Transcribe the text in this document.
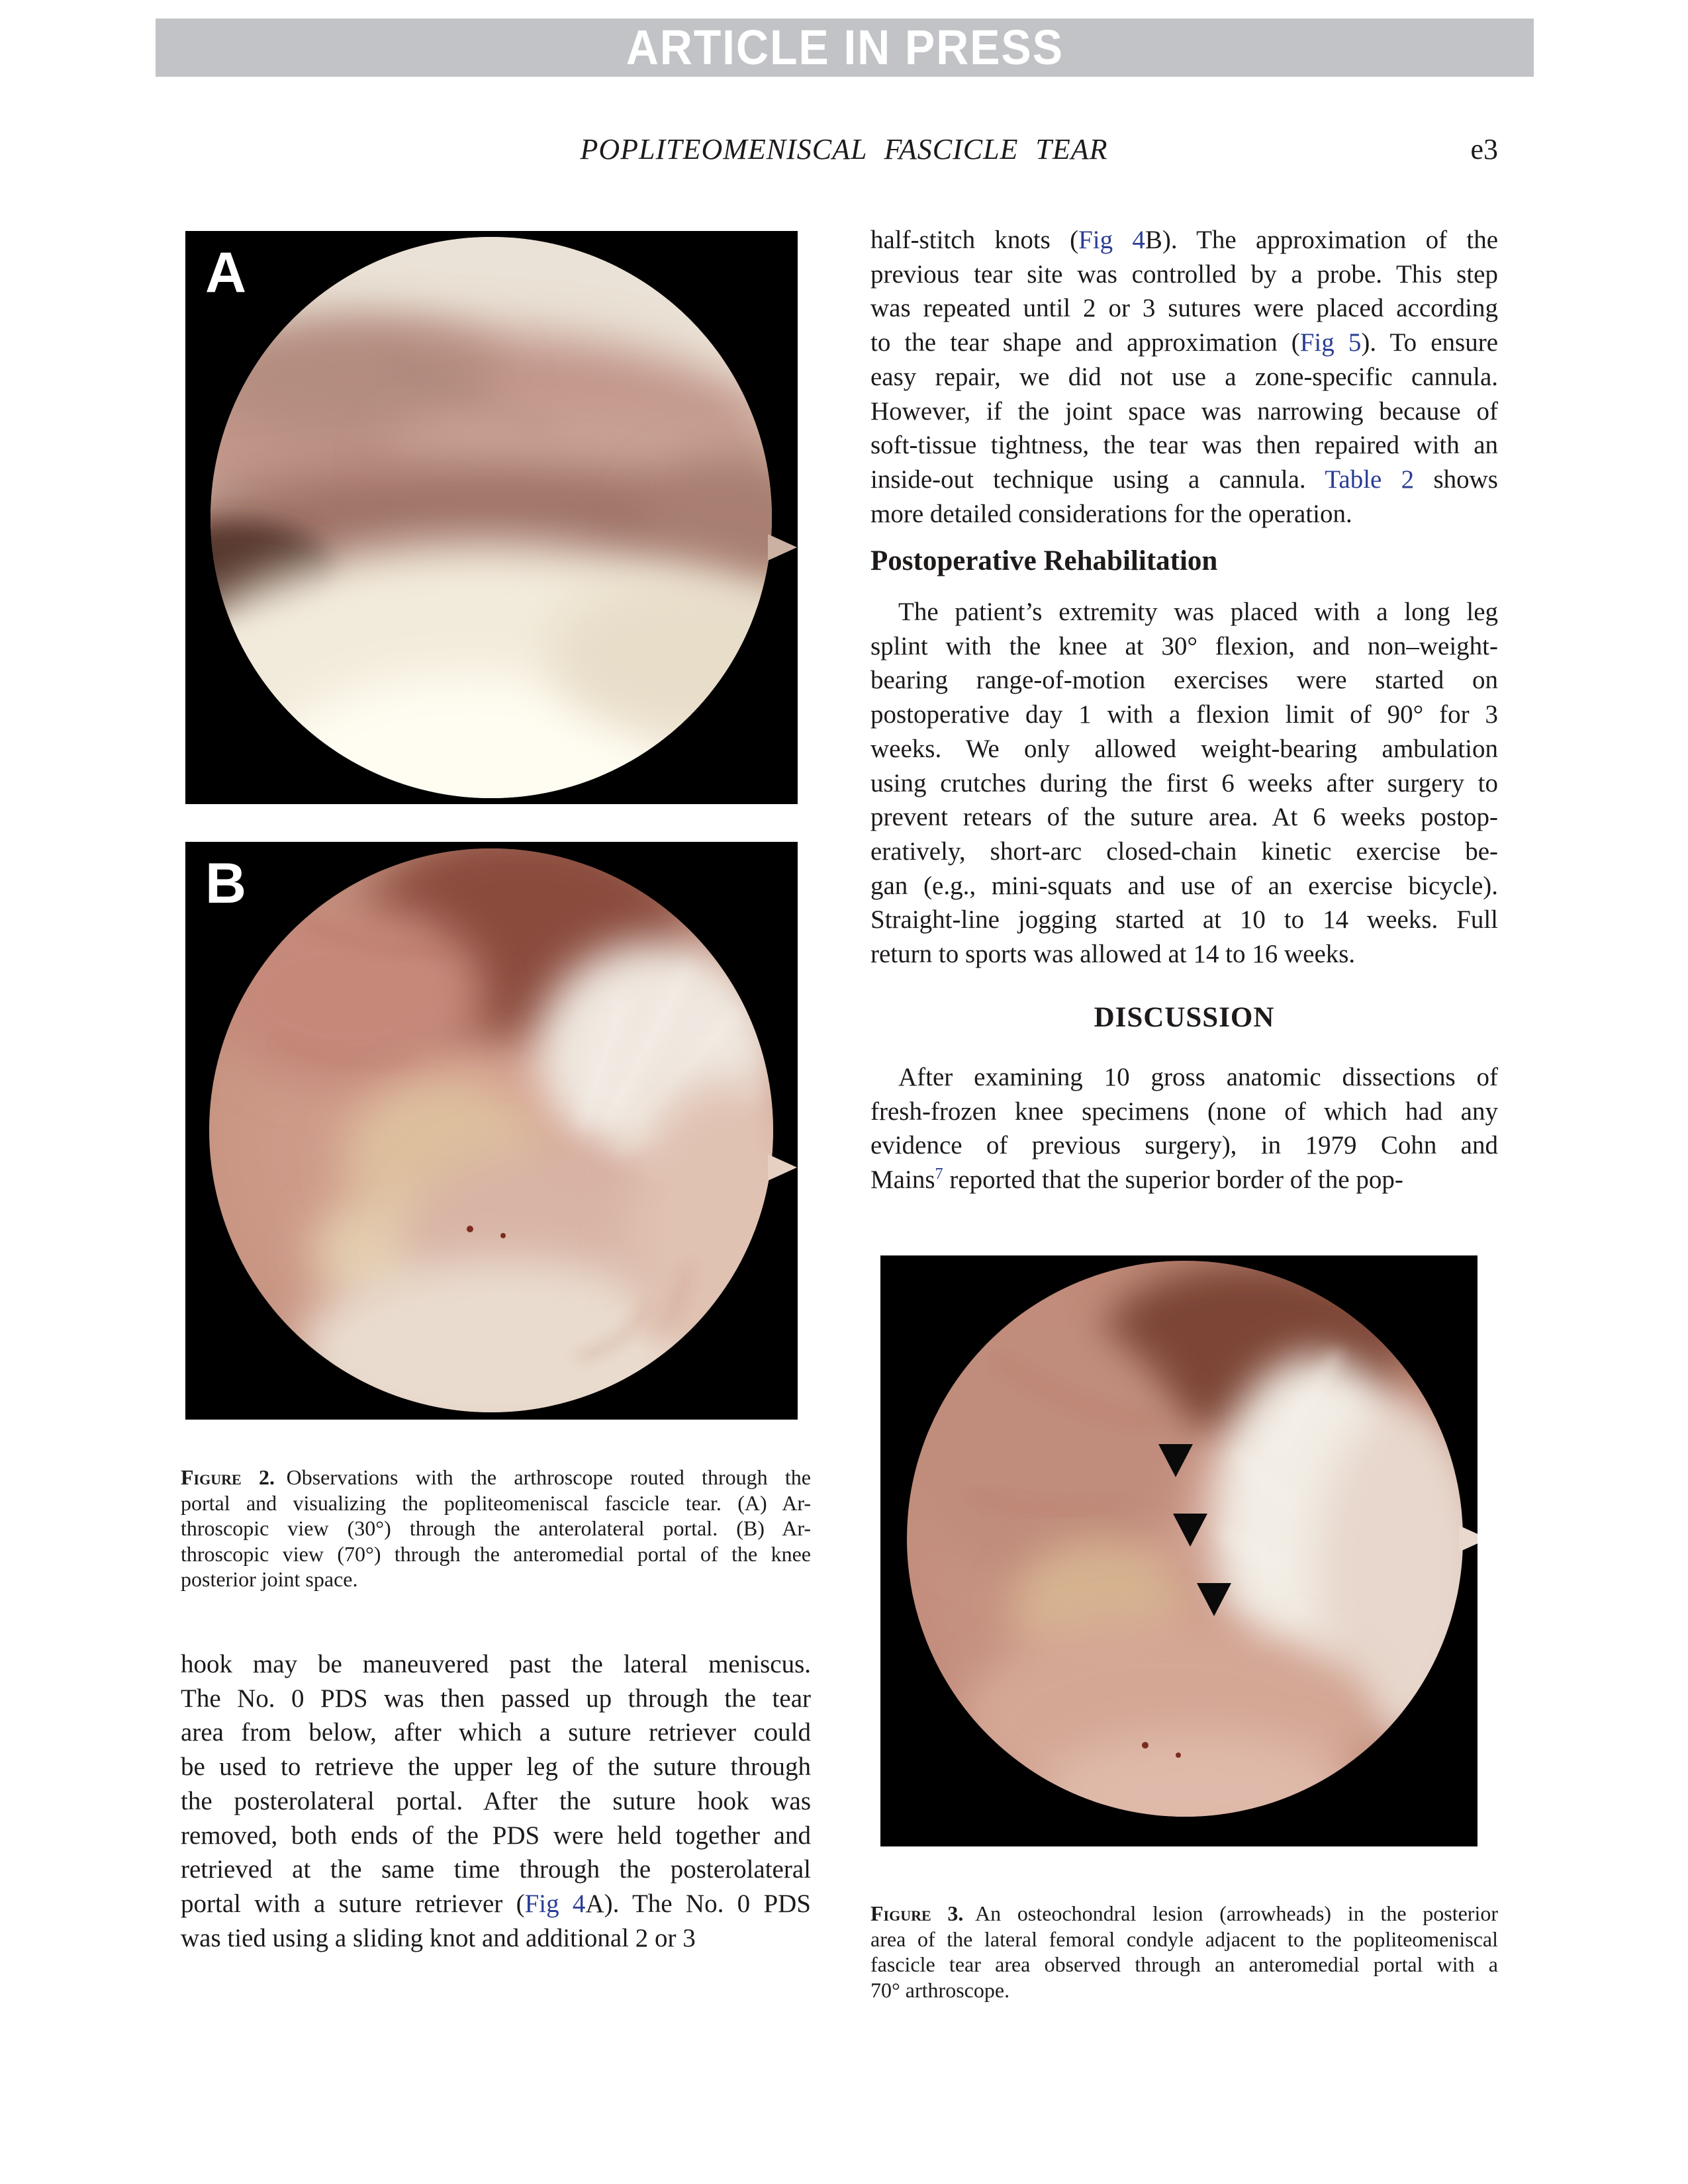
ARTICLE IN PRESS
POPLITEOMENISCAL FASCICLE TEAR	e3
A
B
Figure 2. Observations with the arthroscope routed through the
portal and visualizing the popliteomeniscal fascicle tear. (A) Ar-
throscopic view (30°) through the anterolateral portal. (B) Ar-
throscopic view (70°) through the anteromedial portal of the knee
posterior joint space.
hook may be maneuvered past the lateral meniscus.
The No. 0 PDS was then passed up through the tear
area from below, after which a suture retriever could
be used to retrieve the upper leg of the suture through
the posterolateral portal. After the suture hook was
removed, both ends of the PDS were held together and
retrieved at the same time through the posterolateral
portal with a suture retriever (Fig 4A). The No. 0 PDS
was tied using a sliding knot and additional 2 or 3
half-stitch knots (Fig 4B). The approximation of the
previous tear site was controlled by a probe. This step
was repeated until 2 or 3 sutures were placed according
to the tear shape and approximation (Fig 5). To ensure
easy repair, we did not use a zone-specific cannula.
However, if the joint space was narrowing because of
soft-tissue tightness, the tear was then repaired with an
inside-out technique using a cannula. Table 2 shows
more detailed considerations for the operation.
Postoperative Rehabilitation
The patient’s extremity was placed with a long leg
splint with the knee at 30° flexion, and non–weight-
bearing range-of-motion exercises were started on
postoperative day 1 with a flexion limit of 90° for 3
weeks. We only allowed weight-bearing ambulation
using crutches during the first 6 weeks after surgery to
prevent retears of the suture area. At 6 weeks postop-
eratively, short-arc closed-chain kinetic exercise be-
gan (e.g., mini-squats and use of an exercise bicycle).
Straight-line jogging started at 10 to 14 weeks. Full
return to sports was allowed at 14 to 16 weeks.
DISCUSSION
After examining 10 gross anatomic dissections of
fresh-frozen knee specimens (none of which had any
evidence of previous surgery), in 1979 Cohn and
Mains$^7$ reported that the superior border of the pop-
Figure 3. An osteochondral lesion (arrowheads) in the posterior
area of the lateral femoral condyle adjacent to the popliteomeniscal
fascicle tear area observed through an anteromedial portal with a
70° arthroscope.
